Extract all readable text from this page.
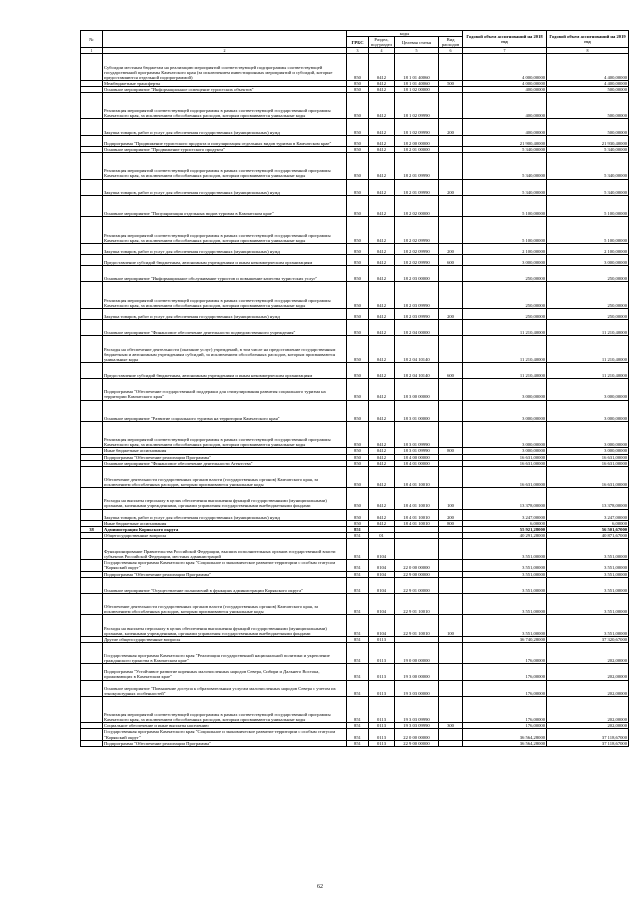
№		коды				Годовой объем ассигнований на 2018 год	Годовой объем ассигнований на 2019 год
		ГРБС	Раздел, под-раздел	Целевая статья	Вид расходов		
1	2	3	4	5	6	7	8
	Субсидии местным бюджетам на реализацию мероприятий соответствующей подпрограммы соответствующей государственной программы Камчатского края (за исключением инвестиционных мероприятий и субсидий, которые предоставляются отдельной подпрограммой)	850	0412	18 1 01 40060		4 000,00000	4 400,00000
	Межбюджетные трансферты	850	0412	18 1 01 40060	500	4 000,00000	4 400,00000
	Основное мероприятие "Информационное освещение туристских объектов"	850	0412	18 1 02 00000		400,00000	500,00000
	Реализация мероприятий соответствующей подпрограммы в рамках соответствующей государственной программы Камчатского края, за исключением обособленных расходов, которым присваиваются уникальные коды	850	0412	18 1 02 09990		400,00000	500,00000
	Закупка товаров, работ и услуг для обеспечения государственных (муниципальных) нужд	850	0412	18 1 02 09990	200	400,00000	500,00000
	Подпрограмма "Продвижение туристского продукта и популяризация отдельных видов туризма в Камчатском крае"	850	0412	18 2 00 00000		21 900,40000	21 930,40000
	Основное мероприятие "Продвижение туристского продукта"	850	0412	18 2 01 00000		5 340,00000	5 340,00000
	Реализация мероприятий соответствующей подпрограммы в рамках соответствующей государственной программы Камчатского края, за исключением обособленных расходов, которым присваиваются уникальные коды	850	0412	18 2 01 09990		5 340,00000	5 340,00000
	Закупка товаров, работ и услуг для обеспечения государственных (муниципальных) нужд	850	0412	18 2 01 09990	200	5 340,00000	5 340,00000
	Основное мероприятие "Популяризация отдельных видов туризма в Камчатском крае"	850	0412	18 2 02 00000		5 100,00000	5 100,00000
	Реализация мероприятий соответствующей подпрограммы в рамках соответствующей государственной программы Камчатского края, за исключением обособленных расходов, которым присваиваются уникальные коды	850	0412	18 2 02 09990		5 100,00000	5 100,00000
	Закупка товаров, работ и услуг для обеспечения государственных (муниципальных) нужд	850	0412	18 2 02 09990	200	2 100,00000	2 100,00000
	Предоставление субсидий бюджетным, автономным учреждениям и иным некоммерческим организациям	850	0412	18 2 02 09990	600	3 000,00000	3 000,00000
	Основное мероприятие "Информационное обслуживание туристов и повышение качества туристских услуг"	850	0412	18 2 03 00000		250,00000	250,00000
	Реализация мероприятий соответствующей подпрограммы в рамках соответствующей государственной программы Камчатского края, за исключением обособленных расходов, которым присваиваются уникальные коды	850	0412	18 2 03 09990		250,00000	250,00000
	Закупка товаров, работ и услуг для обеспечения государственных (муниципальных) нужд	850	0412	18 2 03 09990	200	250,00000	250,00000
	Основное мероприятие "Финансовое обеспечение деятельности подведомственного учреждения"	850	0412	18 2 04 00000		11 210,40000	11 210,40000
	Расходы на обеспечение деятельности (оказание услуг) учреждений, в том числе на предоставление государственным бюджетным и автономным учреждениям субсидий, за исключением обособленных расходов, которым присваиваются уникальные коды	850	0412	18 2 04 10140		11 210,40000	11 210,40000
	Предоставление субсидий бюджетным, автономным учреждениям и иным некоммерческим организациям	850	0412	18 2 04 10140	600	11 210,40000	11 210,40000
	Подпрограмма "Обеспечение государственной поддержки для стимулирования развития социального туризма на территории Камчатского края"	850	0412	18 3 00 00000		3 000,00000	3 000,00000
	Основное мероприятие "Развитие социального туризма на территории Камчатского края"	850	0412	18 3 01 00000		3 000,00000	3 000,00000
	Реализация мероприятий соответствующей подпрограммы в рамках соответствующей государственной программы Камчатского края, за исключением обособленных расходов, которым присваиваются уникальные коды	850	0412	18 3 01 09990		3 000,00000	3 000,00000
	Иные бюджетные ассигнования	850	0412	18 3 01 09990	800	3 000,00000	3 000,00000
	Подпрограмма "Обеспечение реализации Программы"	850	0412	18 4 00 00000		16 631,00000	16 631,00000
	Основное мероприятие "Финансовое обеспечение деятельности Агентства"	850	0412	18 4 01 00000		16 631,00000	16 631,00000
	Обеспечение деятельности государственных органов власти (государственных органов) Камчатского края, за исключением обособленных расходов, которым присваиваются уникальные коды	850	0412	18 4 01 10010		16 631,00000	16 631,00000
	Расходы на выплаты персоналу в целях обеспечения выполнения функций государственными (муниципальными) органами, казенными учреждениями, органами управления государственными внебюджетными фондами	850	0412	18 4 01 10010	100	13 378,00000	13 378,00000
	Закупка товаров, работ и услуг для обеспечения государственных (муниципальных) нужд	850	0412	18 4 01 10010	200	3 247,00000	3 247,00000
	Иные бюджетные ассигнования	850	0412	18 4 01 10010	800	6,00000	6,00000
38	Администрация Корякского округа	851				55 921,28000	56 501,67000
	Общегосударственные вопросы	851	01			40 291,28000	40 871,67000
	Функционирование Правительства Российской Федерации, высших исполнительных органов государственной власти субъектов Российской Федерации, местных администраций	851	0104			3 551,00000	3 551,00000
	Государственная программа Камчатского края "Социальное и экономическое развитие территории с особым статусом "Корякский округ"	851	0104	22 0 00 00000		3 551,00000	3 551,00000
	Подпрограмма "Обеспечение реализации Программы"	851	0104	22 9 00 00000		3 551,00000	3 551,00000
	Основное мероприятие "Осуществление полномочий в функциях администрации Корякского округа"	851	0104	22 9 01 00000		3 551,00000	3 551,00000
	Обеспечение деятельности государственных органов власти (государственных органов) Камчатского края, за исключением обособленных расходов, которым присваиваются уникальные коды	851	0104	22 9 01 10010		3 551,00000	3 551,00000
	Расходы на выплаты персоналу в целях обеспечения выполнения функций государственными (муниципальными) органами, казенными учреждениями, органами управления государственными внебюджетными фондами	851	0104	22 9 01 10010	100	3 551,00000	3 551,00000
	Другие общегосударственные вопросы	851	0113			36 740,28000	37 320,67000
	Государственная программа Камчатского края "Реализация государственной национальной политики и укрепление гражданского единства в Камчатском крае"	851	0113	19 0 00 00000		176,00000	202,00000
	Подпрограмма "Устойчивое развитие коренных малочисленных народов Севера, Сибири и Дальнего Востока, проживающих в Камчатском крае"	851	0113	19 3 00 00000		176,00000	202,00000
	Основное мероприятие "Повышение доступа к образовательным услугам малочисленных народов Севера с учетом их этнокультурных особенностей"	851	0113	19 3 03 00000		176,00000	202,00000
	Реализация мероприятий соответствующей подпрограммы в рамках соответствующей государственной программы Камчатского края, за исключением обособленных расходов, которым присваиваются уникальные коды	851	0113	19 3 03 09990		176,00000	202,00000
	Социальное обеспечение и иные выплаты населению	851	0113	19 3 03 09990	300	176,00000	202,00000
	Государственная программа Камчатского края "Социальное и экономическое развитие территории с особым статусом "Корякский округ"	851	0113	22 0 00 00000		36 564,28000	37 118,67000
	Подпрограмма "Обеспечение реализации Программы"	851	0113	22 9 00 00000		36 564,28000	37 118,67000
62
